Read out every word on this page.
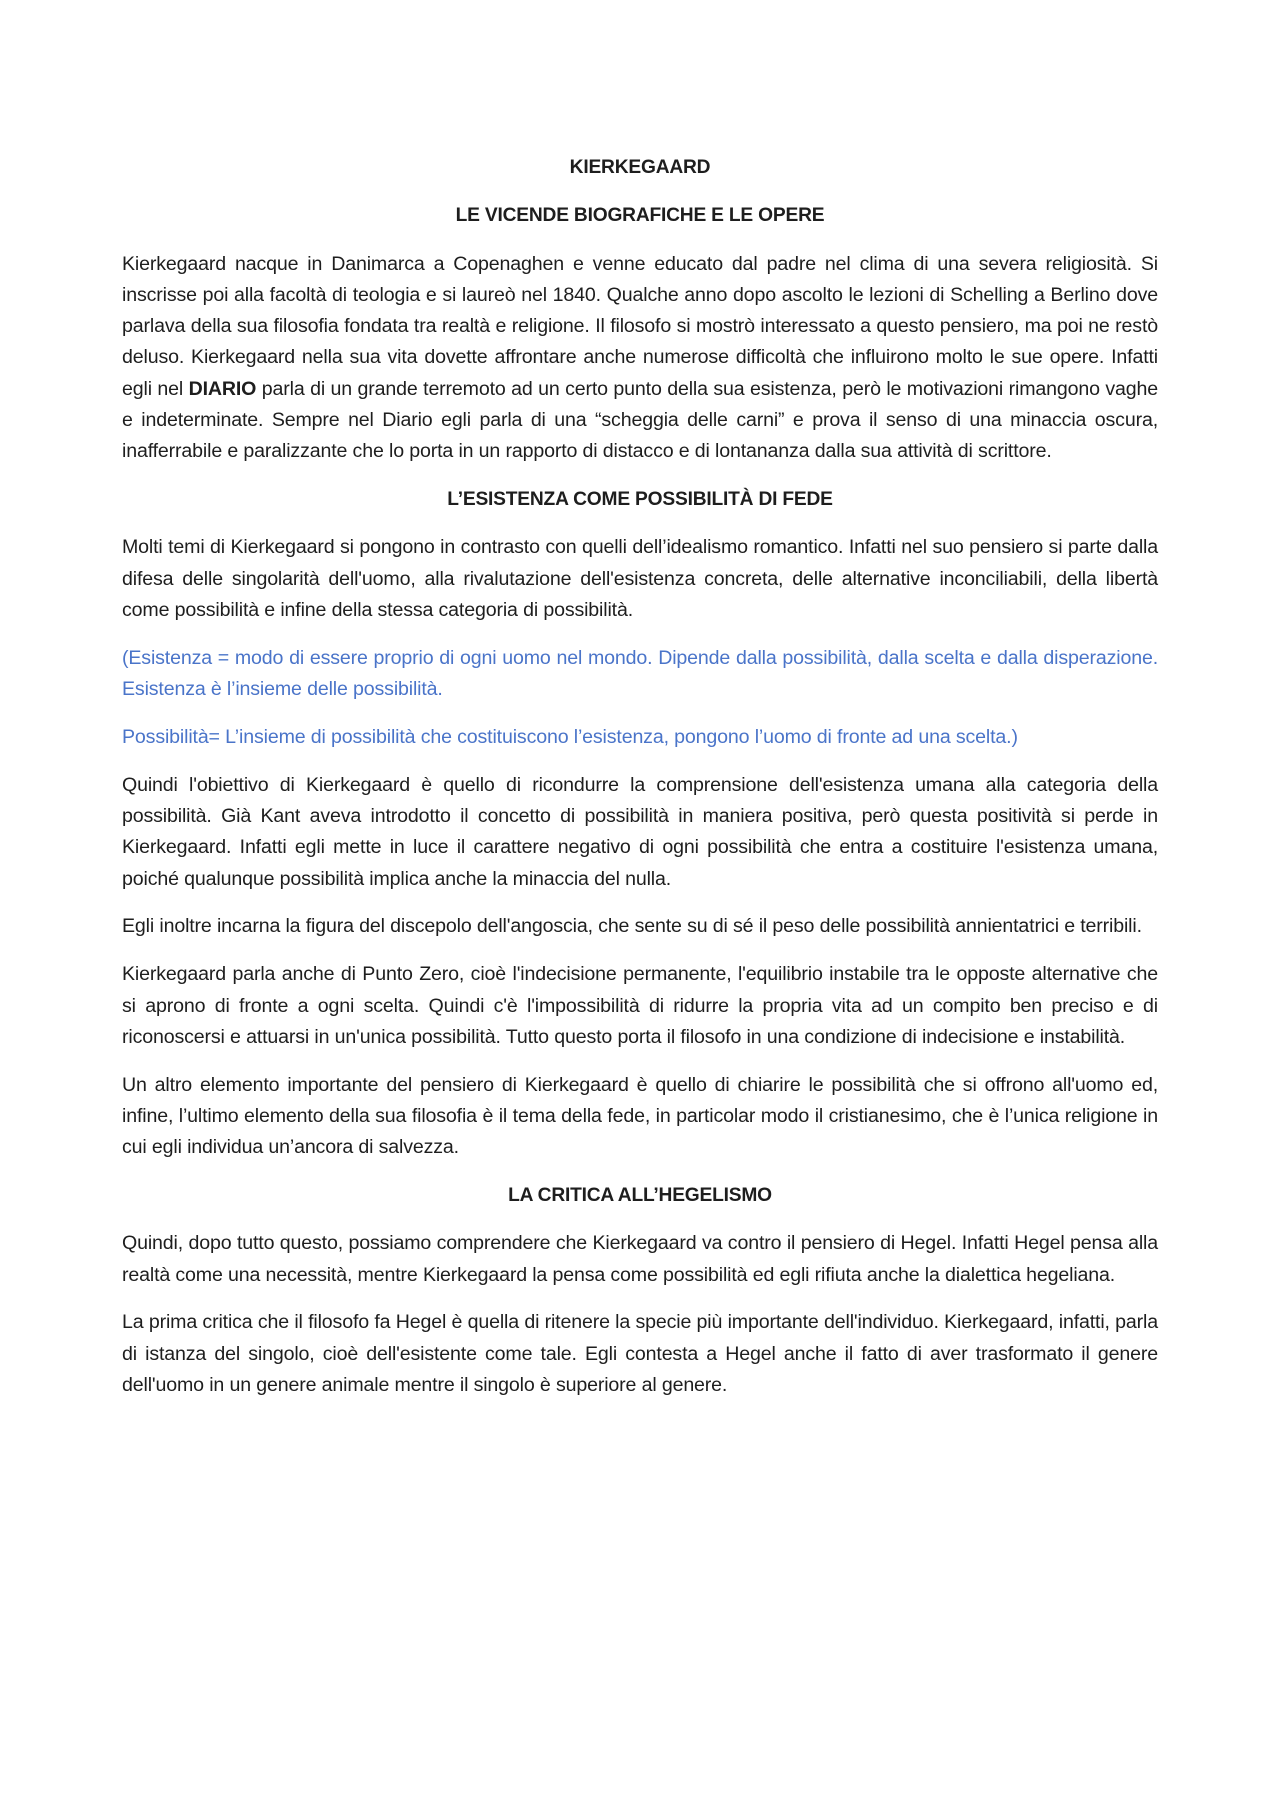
KIERKEGAARD
LE VICENDE BIOGRAFICHE E LE OPERE

Kierkegaard nacque in Danimarca a Copenaghen e venne educato dal padre nel clima di una severa religiosità. Si inscrisse poi alla facoltà di teologia e si laureò nel 1840. Qualche anno dopo ascolto le lezioni di Schelling a Berlino dove parlava della sua filosofia fondata tra realtà e religione. Il filosofo si mostrò interessato a questo pensiero, ma poi ne restò deluso. Kierkegaard nella sua vita dovette affrontare anche numerose difficoltà che influirono molto le sue opere. Infatti egli nel DIARIO parla di un grande terremoto ad un certo punto della sua esistenza, però le motivazioni rimangono vaghe e indeterminate. Sempre nel Diario egli parla di una “scheggia delle carni” e prova il senso di una minaccia oscura, inafferrabile e paralizzante che lo porta in un rapporto di distacco e di lontananza dalla sua attività di scrittore.

L’ESISTENZA COME POSSIBILITÀ DI FEDE

Molti temi di Kierkegaard si pongono in contrasto con quelli dell’idealismo romantico. Infatti nel suo pensiero si parte dalla difesa delle singolarità dell'uomo, alla rivalutazione dell'esistenza concreta, delle alternative inconciliabili, della libertà come possibilità e infine della stessa categoria di possibilità.

(Esistenza = modo di essere proprio di ogni uomo nel mondo. Dipende dalla possibilità, dalla scelta e dalla disperazione. Esistenza è l’insieme delle possibilità.

Possibilità= L’insieme di possibilità che costituiscono l’esistenza, pongono l’uomo di fronte ad una scelta.)

Quindi l'obiettivo di Kierkegaard è quello di ricondurre la comprensione dell'esistenza umana alla categoria della possibilità. Già Kant aveva introdotto il concetto di possibilità in maniera positiva, però questa positività si perde in Kierkegaard. Infatti egli mette in luce il carattere negativo di ogni possibilità che entra a costituire l'esistenza umana, poiché qualunque possibilità implica anche la minaccia del nulla.

Egli inoltre incarna la figura del discepolo dell'angoscia, che sente su di sé il peso delle possibilità annientatrici e terribili.

Kierkegaard parla anche di Punto Zero, cioè l'indecisione permanente, l'equilibrio instabile tra le opposte alternative che si aprono di fronte a ogni scelta. Quindi c'è l'impossibilità di ridurre la propria vita ad un compito ben preciso e di riconoscersi e attuarsi in un'unica possibilità. Tutto questo porta il filosofo in una condizione di indecisione e instabilità.

Un altro elemento importante del pensiero di Kierkegaard è quello di chiarire le possibilità che si offrono all'uomo ed, infine, l’ultimo elemento della sua filosofia è il tema della fede, in particolar modo il cristianesimo, che è l’unica religione in cui egli individua un’ancora di salvezza.

LA CRITICA ALL’HEGELISMO

Quindi, dopo tutto questo, possiamo comprendere che Kierkegaard va contro il pensiero di Hegel. Infatti Hegel pensa alla realtà come una necessità, mentre Kierkegaard la pensa come possibilità ed egli rifiuta anche la dialettica hegeliana.

La prima critica che il filosofo fa Hegel è quella di ritenere la specie più importante dell'individuo. Kierkegaard, infatti, parla di istanza del singolo, cioè dell'esistente come tale. Egli contesta a Hegel anche il fatto di aver trasformato il genere dell'uomo in un genere animale mentre il singolo è superiore al genere.
